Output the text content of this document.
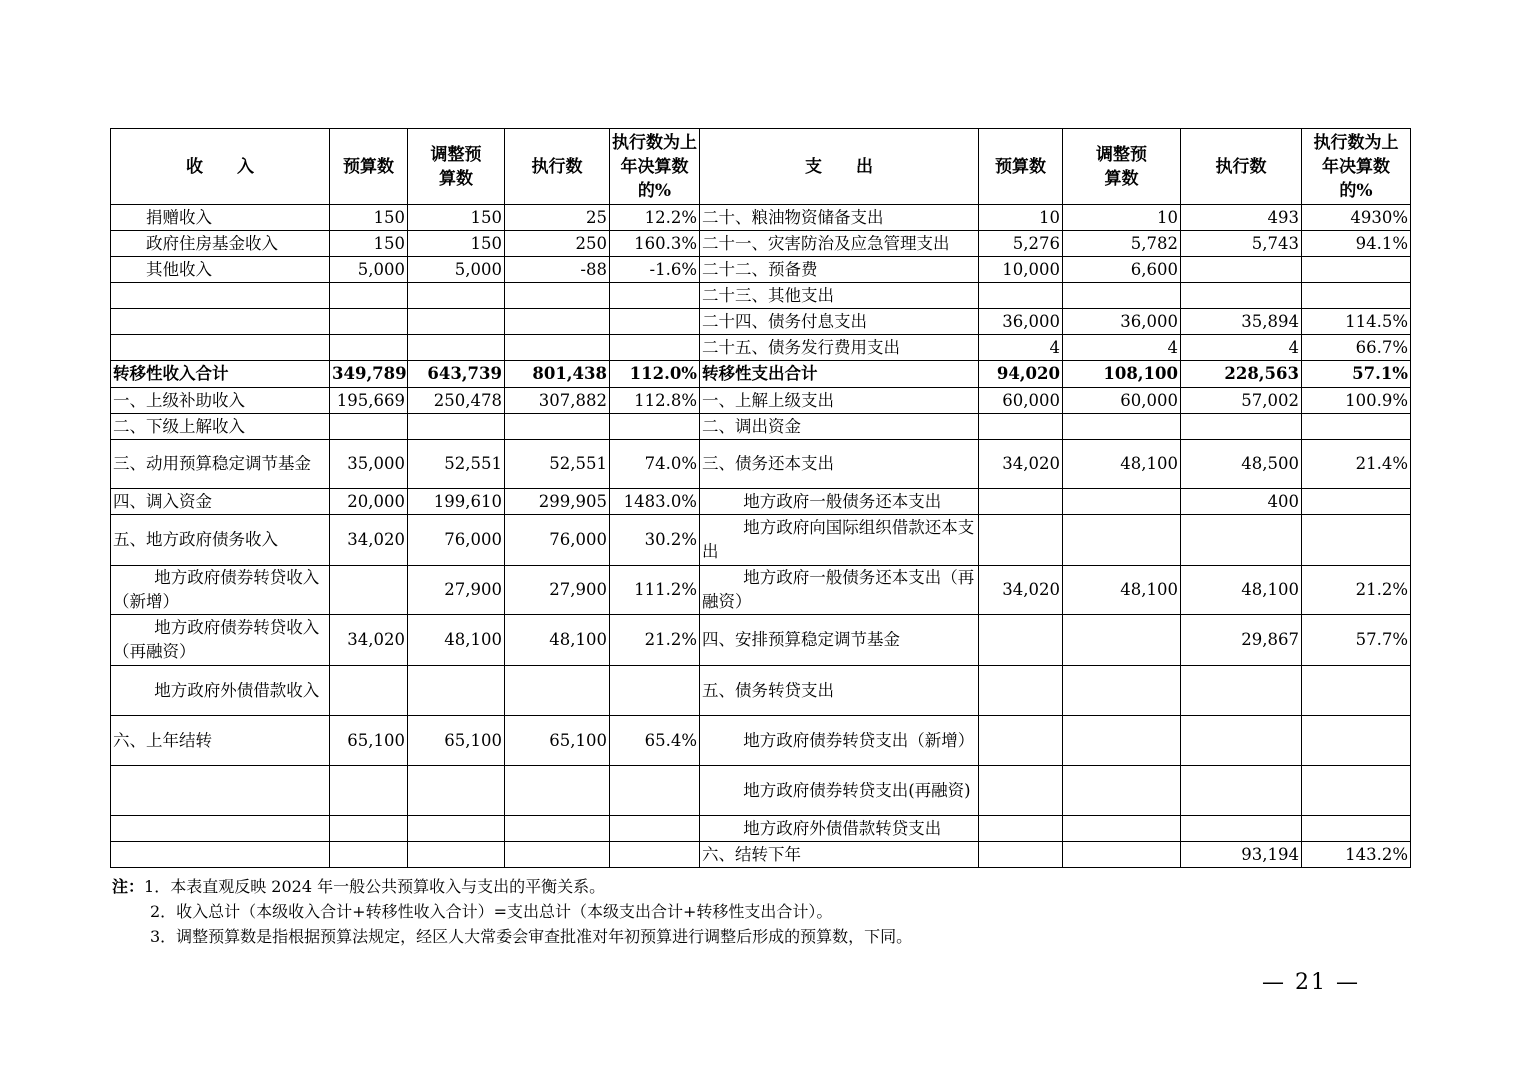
收　　入	预算数	调整预算数	执行数	执行数为上年决算数的%	支　　出	预算数	调整预算数	执行数	执行数为上年决算数的%

捐赠收入	150	150	25	12.2%	二十、粮油物资储备支出	10	10	493	4930%
政府住房基金收入	150	150	250	160.3%	二十一、灾害防治及应急管理支出	5,276	5,782	5,743	94.1%
其他收入	5,000	5,000	-88	-1.6%	二十二、预备费	10,000	6,600		
					二十三、其他支出				
					二十四、债务付息支出	36,000	36,000	35,894	114.5%
					二十五、债务发行费用支出	4	4	4	66.7%
转移性收入合计	349,789	643,739	801,438	112.0%	转移性支出合计	94,020	108,100	228,563	57.1%
一、上级补助收入	195,669	250,478	307,882	112.8%	一、上解上级支出	60,000	60,000	57,002	100.9%
二、下级上解收入					二、调出资金				
三、动用预算稳定调节基金	35,000	52,551	52,551	74.0%	三、债务还本支出	34,020	48,100	48,500	21.4%
四、调入资金	20,000	199,610	299,905	1483.0%	地方政府一般债务还本支出			400	
五、地方政府债务收入	34,020	76,000	76,000	30.2%	地方政府向国际组织借款还本支出				
地方政府债券转贷收入（新增）		27,900	27,900	111.2%	地方政府一般债务还本支出（再融资）	34,020	48,100	48,100	21.2%
地方政府债券转贷收入（再融资）	34,020	48,100	48,100	21.2%	四、安排预算稳定调节基金			29,867	57.7%
地方政府外债借款收入					五、债务转贷支出				
六、上年结转	65,100	65,100	65,100	65.4%	地方政府债券转贷支出（新增）				
					地方政府债券转贷支出(再融资)				
					地方政府外债借款转贷支出				
					六、结转下年			93,194	143.2%
注：1．本表直观反映 2024 年一般公共预算收入与支出的平衡关系。
2．收入总计（本级收入合计+转移性收入合计）=支出总计（本级支出合计+转移性支出合计）。
3．调整预算数是指根据预算法规定，经区人大常委会审查批准对年初预算进行调整后形成的预算数，下同。
— 21 —
